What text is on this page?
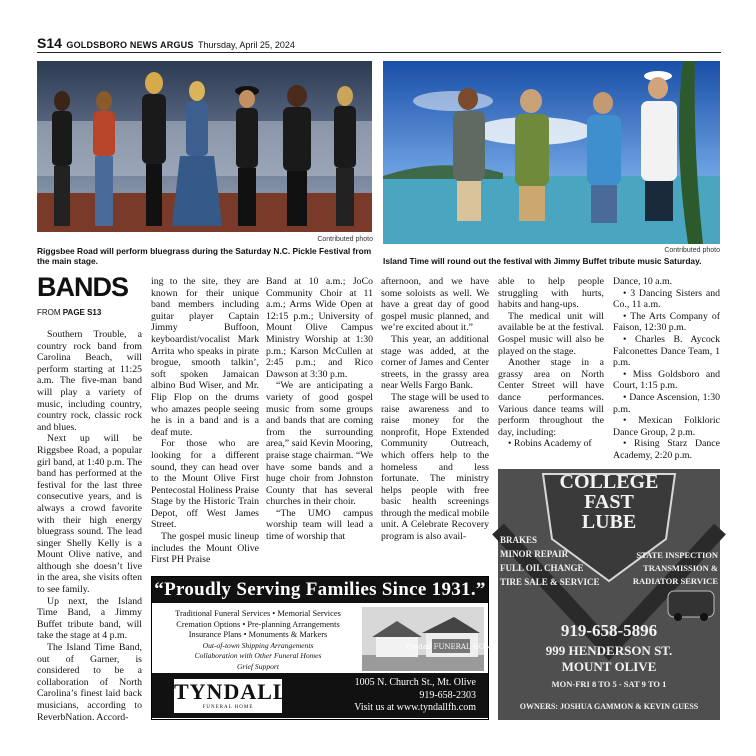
S14 GOLDSBORO NEWS ARGUS Thursday, April 25, 2024
Contributed photo
Riggsbee Road will perform bluegrass during the Saturday N.C. Pickle Festival from the main stage.
Contributed photo
Island Time will round out the festival with Jimmy Buffet tribute music Saturday.
BANDS
FROM PAGE S13

Southern Trouble, a country rock band from Carolina Beach, will perform starting at 11:25 a.m. The five-man band will play a variety of music, including country, country rock, classic rock and blues.

Next up will be Riggsbee Road, a popular girl band, at 1:40 p.m. The band has performed at the festival for the last three consecutive years, and is always a crowd favorite with their high energy bluegrass sound. The lead singer Shelly Kelly is a Mount Olive native, and although she doesn’t live in the area, she visits often to see family.

Up next, the Island Time Band, a Jimmy Buffet tribute band, will take the stage at 4 p.m.

The Island Time Band, out of Garner, is considered to be a collaboration of North Carolina’s finest laid back musicians, according to ReverbNation. Accord-

ing to the site, they are known for their unique band members including guitar player Captain Jimmy Buffoon, keyboardist/vocalist Mark Arrita who speaks in pirate brogue, smooth talkin’, soft spoken Jamaican albino Bud Wiser, and Mr. Flip Flop on the drums who amazes people seeing he is in a band and is a deaf mute.

For those who are looking for a different sound, they can head over to the Mount Olive First Pentecostal Holiness Praise Stage by the Historic Train Depot, off West James Street.

The gospel music lineup includes the Mount Olive First PH Praise

Band at 10 a.m.; JoCo Community Choir at 11 a.m.; Arms Wide Open at 12:15 p.m.; University of Mount Olive Campus Ministry Worship at 1:30 p.m.; Karson McCullen at 2:45 p.m.; and Rico Dawson at 3:30 p.m.

“We are anticipating a variety of good gospel music from some groups and bands that are coming from the surrounding area,” said Kevin Mooring, praise stage chairman. “We have some bands and a huge choir from Johnston County that has several churches in their choir.

“The UMO campus worship team will lead a time of worship that

afternoon, and we have some soloists as well. We have a great day of good gospel music planned, and we’re excited about it.”

This year, an additional stage was added, at the corner of James and Center streets, in the grassy area near Wells Fargo Bank.

The stage will be used to raise awareness and to raise money for the nonprofit, Hope Extended Community Outreach, which offers help to the homeless and less fortunate. The ministry helps people with free basic health screenings through the medical mobile unit. A Celebrate Recovery program is also avail-

able to help people struggling with hurts, habits and hang-ups.

The medical unit will available be at the festival. Gospel music will also be played on the stage.

Another stage in a grassy area on North Center Street will have dance performances. Various dance teams will perform throughout the day, including:

• Robins Academy of

Dance, 10 a.m.

• 3 Dancing Sisters and Co., 11 a.m.

• The Arts Company of Faison, 12:30 p.m.

• Charles B. Aycock Falconettes Dance Team, 1 p.m.

• Miss Goldsboro and Court, 1:15 p.m.

• Dance Ascension, 1:30 p.m.

• Mexican Folkloric Dance Group, 2 p.m.

• Rising Starz Dance Academy, 2:20 p.m.

“Proudly Serving Families Since 1931.”
Traditional Funeral Services • Memorial Services
Cremation Options • Pre-planning Arrangements
Insurance Plans • Monuments & Markers
Out-of-town Shipping Arrangements
Collaboration with Other Funeral Homes
Grief Support
Tyndall FUNERAL HOME
TYNDALL
FUNERAL HOME
1005 N. Church St., Mt. Olive
919-658-2303
Visit us at www.tyndallfh.com
COLLEGE
FAST
LUBE
BRAKES
MINOR REPAIR
FULL OIL CHANGE
TIRE SALE & SERVICE
STATE INSPECTION
TRANSMISSION &
RADIATOR SERVICE
919-658-5896
999 HENDERSON ST.
MOUNT OLIVE
MON-FRI 8 TO 5 - SAT 9 TO 1
OWNERS: JOSHUA GAMMON & KEVIN GUESS
